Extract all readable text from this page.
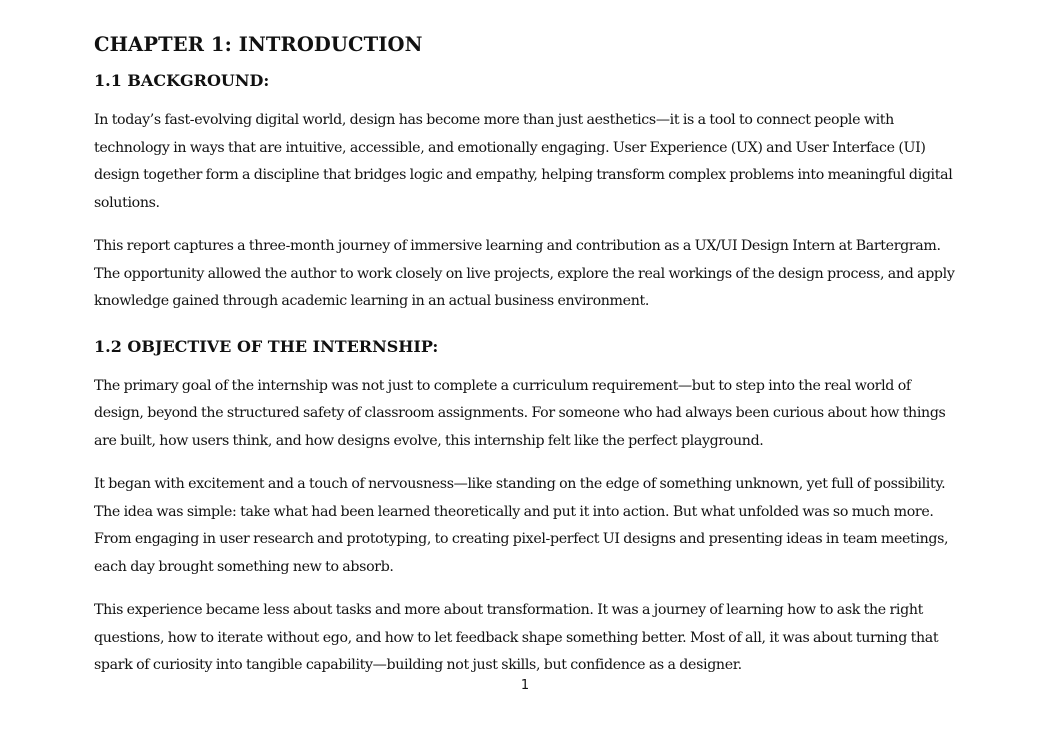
CHAPTER 1: INTRODUCTION
1.1 BACKGROUND:

In today’s fast-evolving digital world, design has become more than just aesthetics—it is a tool to connect people with technology in ways that are intuitive, accessible, and emotionally engaging. User Experience (UX) and User Interface (UI) design together form a discipline that bridges logic and empathy, helping transform complex problems into meaningful digital solutions.

This report captures a three-month journey of immersive learning and contribution as a UX/UI Design Intern at Bartergram. The opportunity allowed the author to work closely on live projects, explore the real workings of the design process, and apply knowledge gained through academic learning in an actual business environment.

1.2 OBJECTIVE OF THE INTERNSHIP:

The primary goal of the internship was not just to complete a curriculum requirement—but to step into the real world of design, beyond the structured safety of classroom assignments. For someone who had always been curious about how things are built, how users think, and how designs evolve, this internship felt like the perfect playground.

It began with excitement and a touch of nervousness—like standing on the edge of something unknown, yet full of possibility. The idea was simple: take what had been learned theoretically and put it into action. But what unfolded was so much more. From engaging in user research and prototyping, to creating pixel-perfect UI designs and presenting ideas in team meetings, each day brought something new to absorb.

This experience became less about tasks and more about transformation. It was a journey of learning how to ask the right questions, how to iterate without ego, and how to let feedback shape something better. Most of all, it was about turning that spark of curiosity into tangible capability—building not just skills, but confidence as a designer.

1
